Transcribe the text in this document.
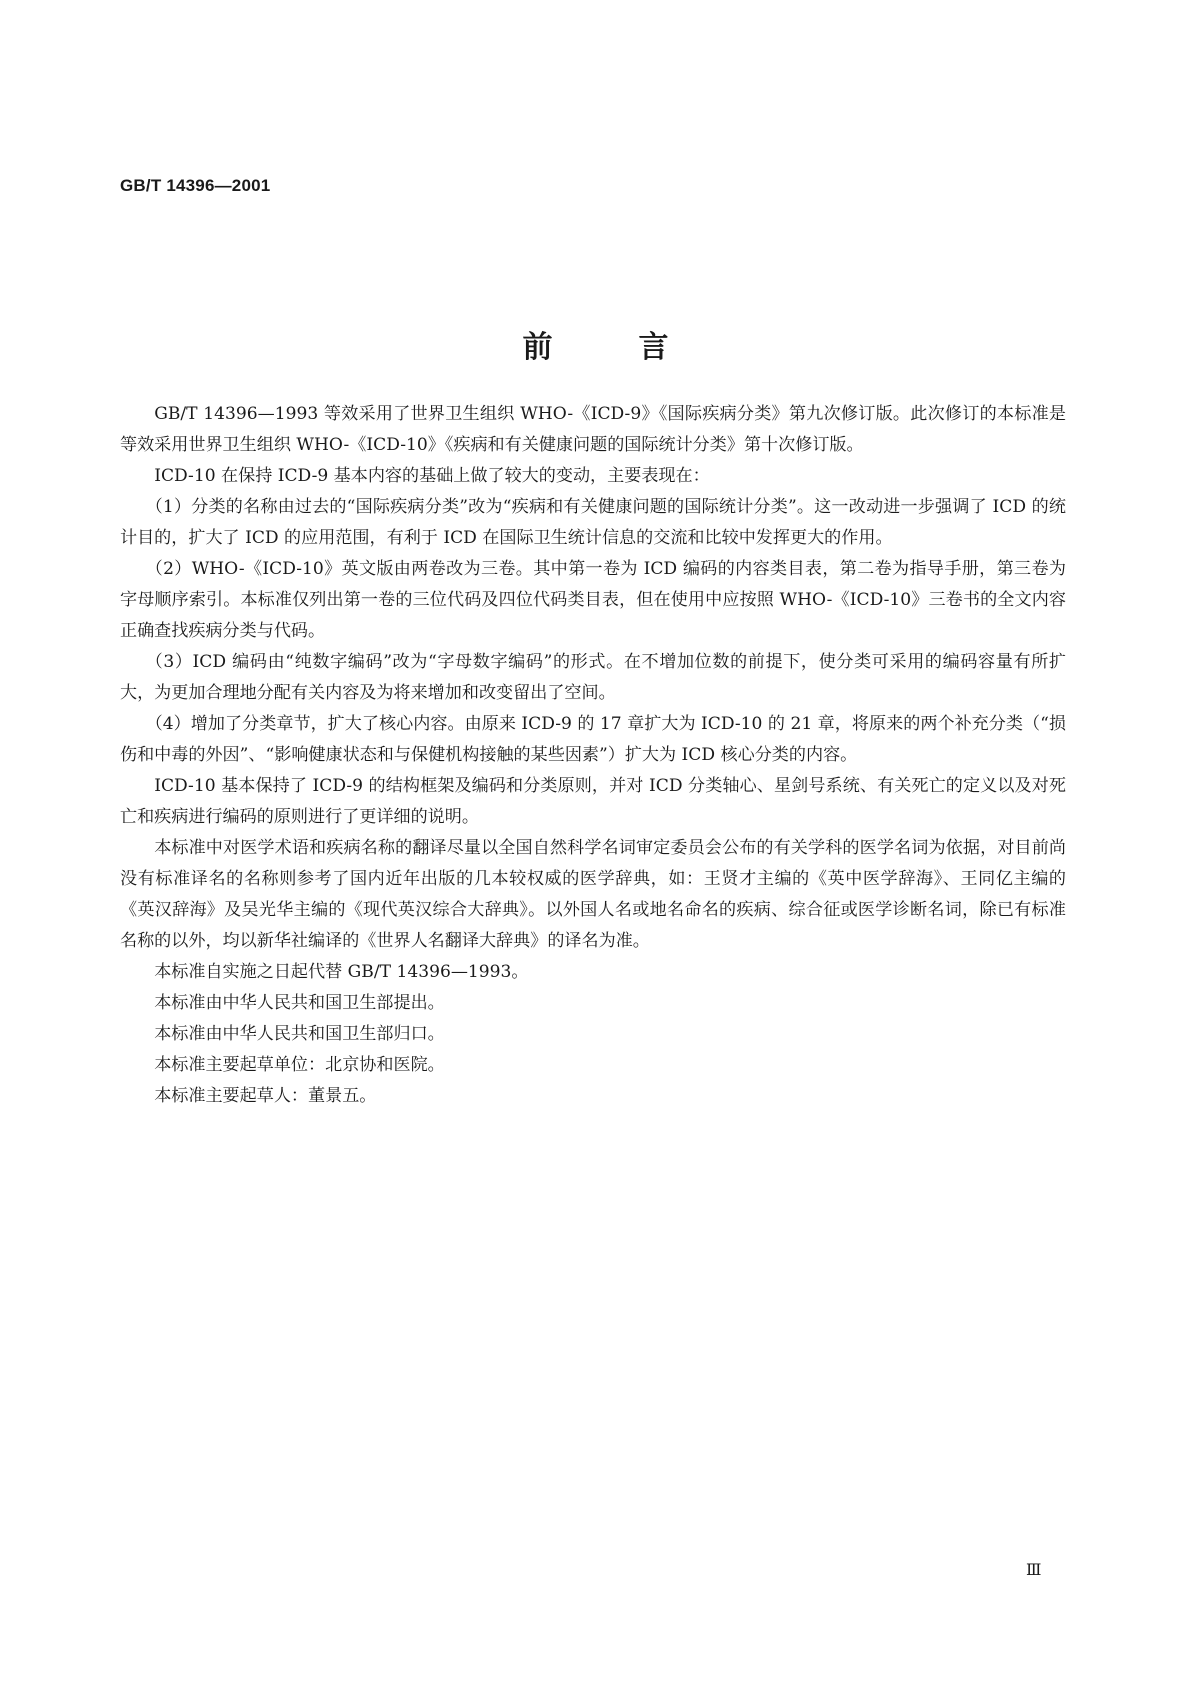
GB/T 14396—2001
前言

GB/T 14396—1993 等效采用了世界卫生组织 WHO-《ICD-9》《国际疾病分类》第九次修订版。此次修订的本标准是等效采用世界卫生组织 WHO-《ICD-10》《疾病和有关健康问题的国际统计分类》第十次修订版。

ICD-10 在保持 ICD-9 基本内容的基础上做了较大的变动，主要表现在：

（1）分类的名称由过去的“国际疾病分类”改为“疾病和有关健康问题的国际统计分类”。这一改动进一步强调了 ICD 的统计目的，扩大了 ICD 的应用范围，有利于 ICD 在国际卫生统计信息的交流和比较中发挥更大的作用。

（2）WHO-《ICD-10》英文版由两卷改为三卷。其中第一卷为 ICD 编码的内容类目表，第二卷为指导手册，第三卷为字母顺序索引。本标准仅列出第一卷的三位代码及四位代码类目表，但在使用中应按照 WHO-《ICD-10》三卷书的全文内容正确查找疾病分类与代码。

（3）ICD 编码由“纯数字编码”改为“字母数字编码”的形式。在不增加位数的前提下，使分类可采用的编码容量有所扩大，为更加合理地分配有关内容及为将来增加和改变留出了空间。

（4）增加了分类章节，扩大了核心内容。由原来 ICD-9 的 17 章扩大为 ICD-10 的 21 章，将原来的两个补充分类（“损伤和中毒的外因”、“影响健康状态和与保健机构接触的某些因素”）扩大为 ICD 核心分类的内容。

ICD-10 基本保持了 ICD-9 的结构框架及编码和分类原则，并对 ICD 分类轴心、星剑号系统、有关死亡的定义以及对死亡和疾病进行编码的原则进行了更详细的说明。

本标准中对医学术语和疾病名称的翻译尽量以全国自然科学名词审定委员会公布的有关学科的医学名词为依据，对目前尚没有标准译名的名称则参考了国内近年出版的几本较权威的医学辞典，如：王贤才主编的《英中医学辞海》、王同亿主编的《英汉辞海》及吴光华主编的《现代英汉综合大辞典》。以外国人名或地名命名的疾病、综合征或医学诊断名词，除已有标准名称的以外，均以新华社编译的《世界人名翻译大辞典》的译名为准。

本标准自实施之日起代替 GB/T 14396—1993。

本标准由中华人民共和国卫生部提出。

本标准由中华人民共和国卫生部归口。

本标准主要起草单位：北京协和医院。

本标准主要起草人：董景五。

Ⅲ
